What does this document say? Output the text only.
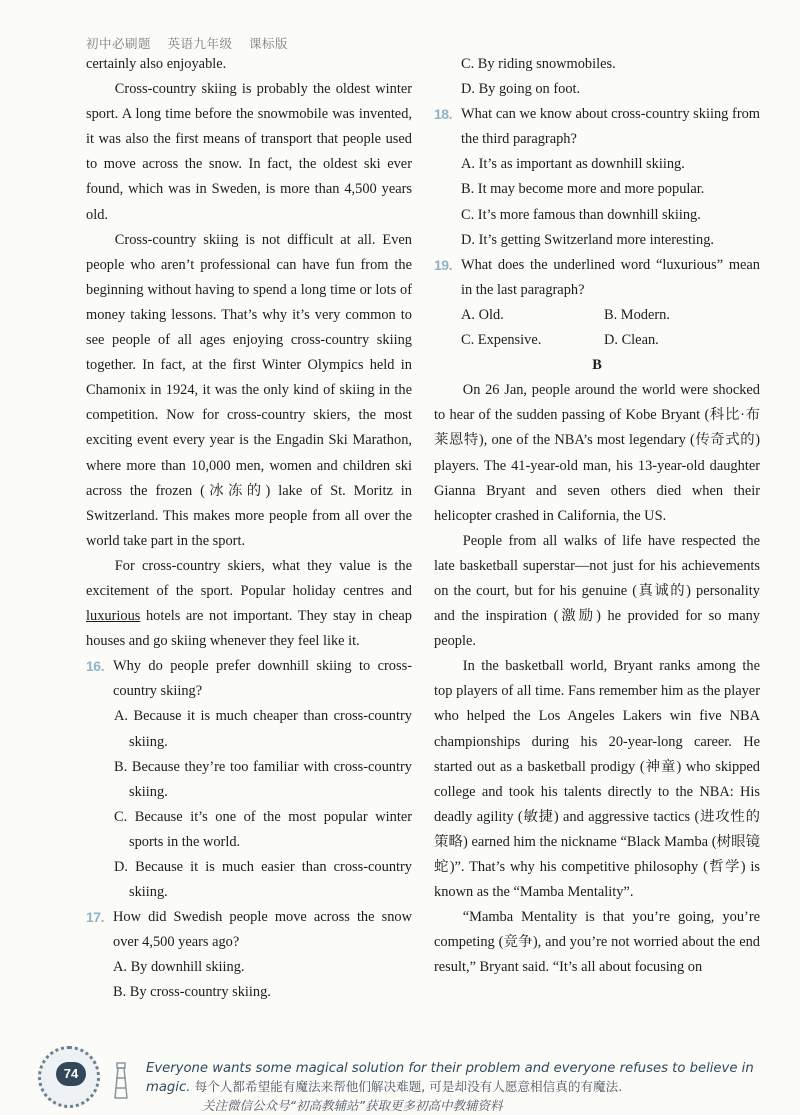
初中必刷题 英语九年级 课标版

certainly also enjoyable.

Cross-country skiing is probably the oldest winter sport. A long time before the snowmobile was invented, it was also the first means of transport that people used to move across the snow. In fact, the oldest ski ever found, which was in Sweden, is more than 4,500 years old.

Cross-country skiing is not difficult at all. Even people who aren’t professional can have fun from the beginning without having to spend a long time or lots of money taking lessons. That’s why it’s very common to see people of all ages enjoying cross-country skiing together. In fact, at the first Winter Olympics held in Chamonix in 1924, it was the only kind of skiing in the competition. Now for cross-country skiers, the most exciting event every year is the Engadin Ski Marathon, where more than 10,000 men, women and children ski across the frozen (冰冻的) lake of St. Moritz in Switzerland. This makes more people from all over the world take part in the sport.

For cross-country skiers, what they value is the excitement of the sport. Popular holiday centres and luxurious hotels are not important. They stay in cheap houses and go skiing whenever they feel like it.

16. Why do people prefer downhill skiing to cross-country skiing?

A. Because it is much cheaper than cross-country skiing.

B. Because they’re too familiar with cross-country skiing.

C. Because it’s one of the most popular winter sports in the world.

D. Because it is much easier than cross-country skiing.

17. How did Swedish people move across the snow over 4,500 years ago?

A. By downhill skiing.

B. By cross-country skiing.

C. By riding snowmobiles.

D. By going on foot.

18. What can we know about cross-country skiing from the third paragraph?

A. It’s as important as downhill skiing.

B. It may become more and more popular.

C. It’s more famous than downhill skiing.

D. It’s getting Switzerland more interesting.

19. What does the underlined word “luxurious” mean in the last paragraph?

A. Old.	B. Modern.
C. Expensive.	D. Clean.

B

On 26 Jan, people around the world were shocked to hear of the sudden passing of Kobe Bryant (科比·布莱恩特), one of the NBA’s most legendary (传奇式的) players. The 41-year-old man, his 13-year-old daughter Gianna Bryant and seven others died when their helicopter crashed in California, the US.

People from all walks of life have respected the late basketball superstar—not just for his achievements on the court, but for his genuine (真诚的) personality and the inspiration (激励) he provided for so many people.

In the basketball world, Bryant ranks among the top players of all time. Fans remember him as the player who helped the Los Angeles Lakers win five NBA championships during his 20-year-long career. He started out as a basketball prodigy (神童) who skipped college and took his talents directly to the NBA: His deadly agility (敏捷) and aggressive tactics (进攻性的策略) earned him the nickname “Black Mamba (树眼镜蛇)”. That’s why his competitive philosophy (哲学) is known as the “Mamba Mentality”.

“Mamba Mentality is that you’re going, you’re competing (竞争), and you’re not worried about the end result,” Bryant said. “It’s all about focusing on

74	Everyone wants some magical solution for their problem and everyone refuses to believe in magic. 每个人都希望能有魔法来帮他们解决难题, 可是却没有人愿意相信真的有魔法.
关注微信公众号“初高教辅站”获取更多初高中教辅资料
